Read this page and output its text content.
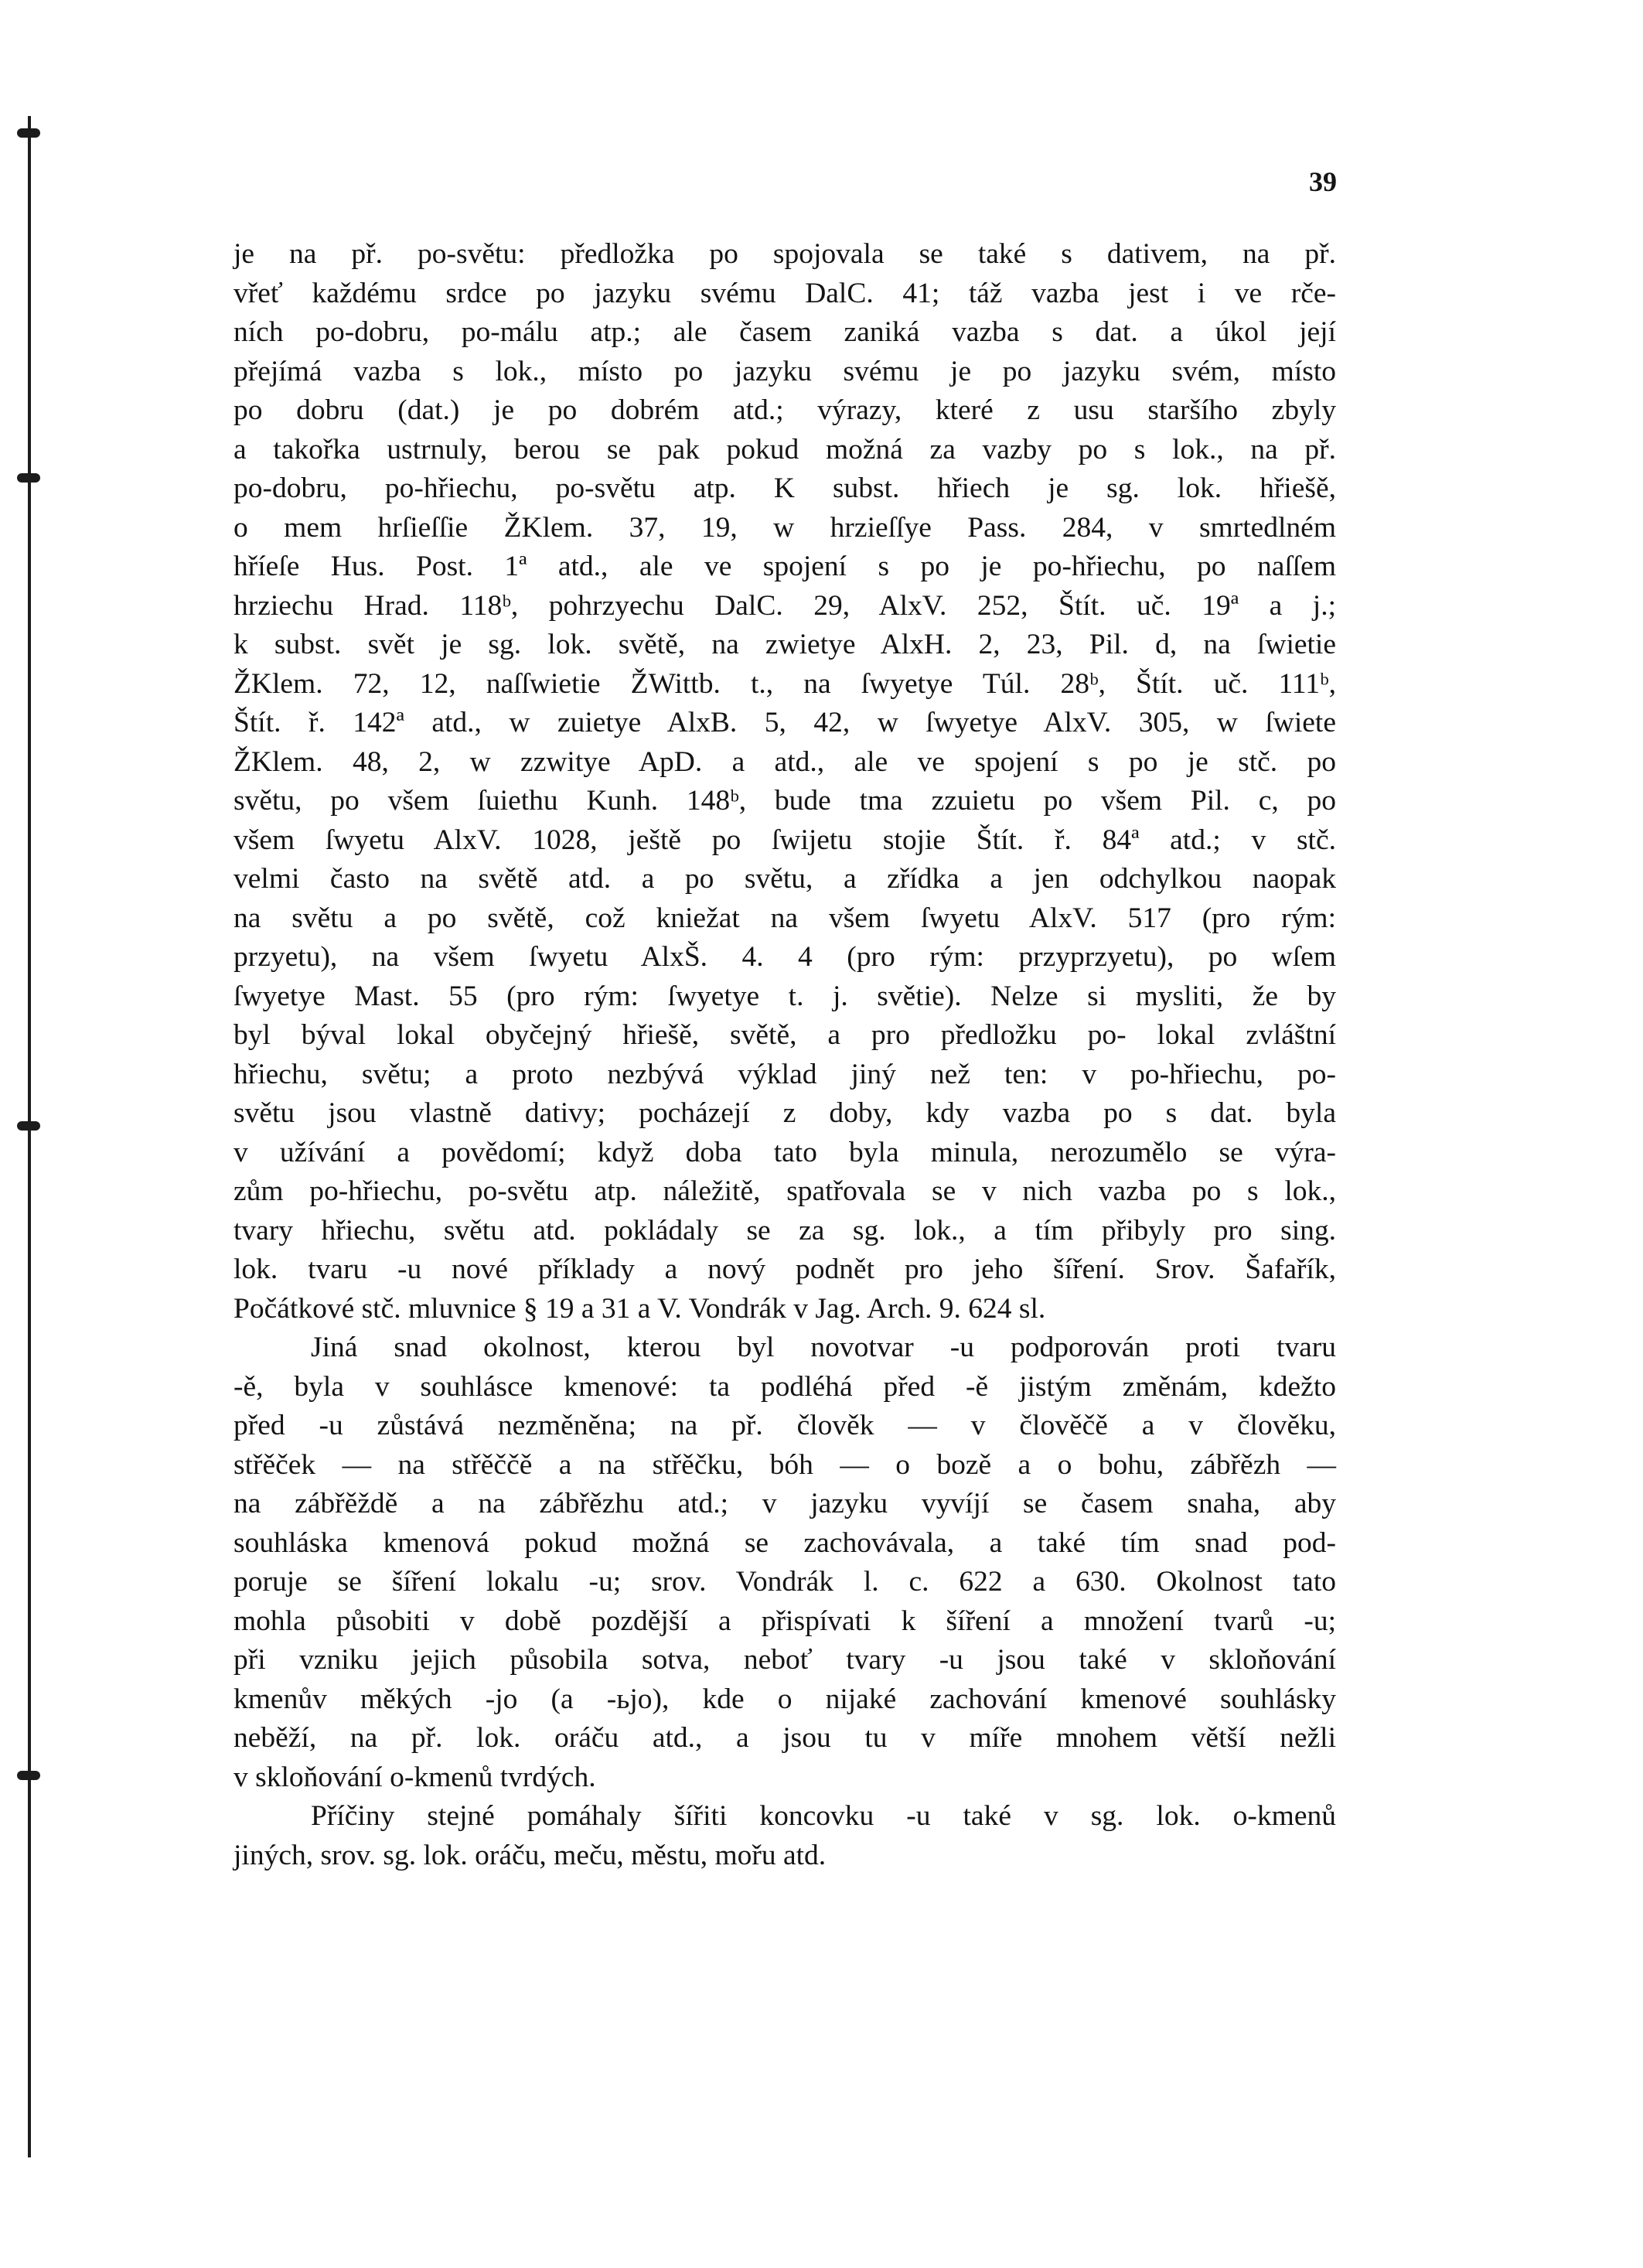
39
je na př. po-světu: předložka po spojovala se také s dativem, na př.
vřeť každému srdce po jazyku svému DalC. 41; táž vazba jest i ve rče-
ních po-dobru, po-málu atp.; ale časem zaniká vazba s dat. a úkol její
přejímá vazba s lok., místo po jazyku svému je po jazyku svém, místo
po dobru (dat.) je po dobrém atd.; výrazy, které z usu staršího zbyly
a takořka ustrnuly, berou se pak pokud možná za vazby po s lok., na př.
po-dobru, po-hřiechu, po-světu atp. K subst. hřiech je sg. lok. hřiešě,
o mem hrſieſſie ŽKlem. 37, 19, w hrzieſſye Pass. 284, v smrtedlném
hříeſe Hus. Post. 1ª atd., ale ve spojení s po je po-hřiechu, po naſſem
hrziechu Hrad. 118ᵇ, pohrzyechu DalC. 29, AlxV. 252, Štít. uč. 19ª a j.;
k subst. svět je sg. lok. světě, na zwietye AlxH. 2, 23, Pil. d, na ſwietie
ŽKlem. 72, 12, naſſwietie ŽWittb. t., na ſwyetye Túl. 28ᵇ, Štít. uč. 111ᵇ,
Štít. ř. 142ª atd., w zuietye AlxB. 5, 42, w ſwyetye AlxV. 305, w ſwiete
ŽKlem. 48, 2, w zzwitye ApD. a atd., ale ve spojení s po je stč. po
světu, po všem ſuiethu Kunh. 148ᵇ, bude tma zzuietu po všem Pil. c, po
všem ſwyetu AlxV. 1028, ještě po ſwijetu stojie Štít. ř. 84ª atd.; v stč.
velmi často na světě atd. a po světu, a zřídka a jen odchylkou naopak
na světu a po světě, což kniežat na všem ſwyetu AlxV. 517 (pro rým:
przyetu), na všem ſwyetu AlxŠ. 4. 4 (pro rým: przyprzyetu), po wſem
ſwyetye Mast. 55 (pro rým: ſwyetye t. j. světie). Nelze si mysliti, že by
byl býval lokal obyčejný hřiešě, světě, a pro předložku po- lokal zvláštní
hřiechu, světu; a proto nezbývá výklad jiný než ten: v po-hřiechu, po-
světu jsou vlastně dativy; pocházejí z doby, kdy vazba po s dat. byla
v užívání a povědomí; když doba tato byla minula, nerozumělo se výra-
zům po-hřiechu, po-světu atp. náležitě, spatřovala se v nich vazba po s lok.,
tvary hřiechu, světu atd. pokládaly se za sg. lok., a tím přibyly pro sing.
lok. tvaru -u nové příklady a nový podnět pro jeho šíření. Srov. Šafařík,
Počátkové stč. mluvnice § 19 a 31 a V. Vondrák v Jag. Arch. 9. 624 sl.
Jiná snad okolnost, kterou byl novotvar -u podporován proti tvaru
-ě, byla v souhlásce kmenové: ta podléhá před -ě jistým změnám, kdežto
před -u zůstává nezměněna; na př. člověk — v člověčě a v člověku,
střěček — na střěččě a na střěčku, bóh — o bozě a o bohu, zábřězh —
na zábřěždě a na zábřězhu atd.; v jazyku vyvíjí se časem snaha, aby
souhláska kmenová pokud možná se zachovávala, a také tím snad pod-
poruje se šíření lokalu -u; srov. Vondrák l. c. 622 a 630. Okolnost tato
mohla působiti v době pozdější a přispívati k šíření a množení tvarů -u;
při vzniku jejich působila sotva, neboť tvary -u jsou také v skloňování
kmenův měkých -jo (a -ьjo), kde o nijaké zachování kmenové souhlásky
neběží, na př. lok. oráču atd., a jsou tu v míře mnohem větší nežli
v skloňování o-kmenů tvrdých.
Příčiny stejné pomáhaly šířiti koncovku -u také v sg. lok. o-kmenů
jiných, srov. sg. lok. oráču, meču, městu, mořu atd.
